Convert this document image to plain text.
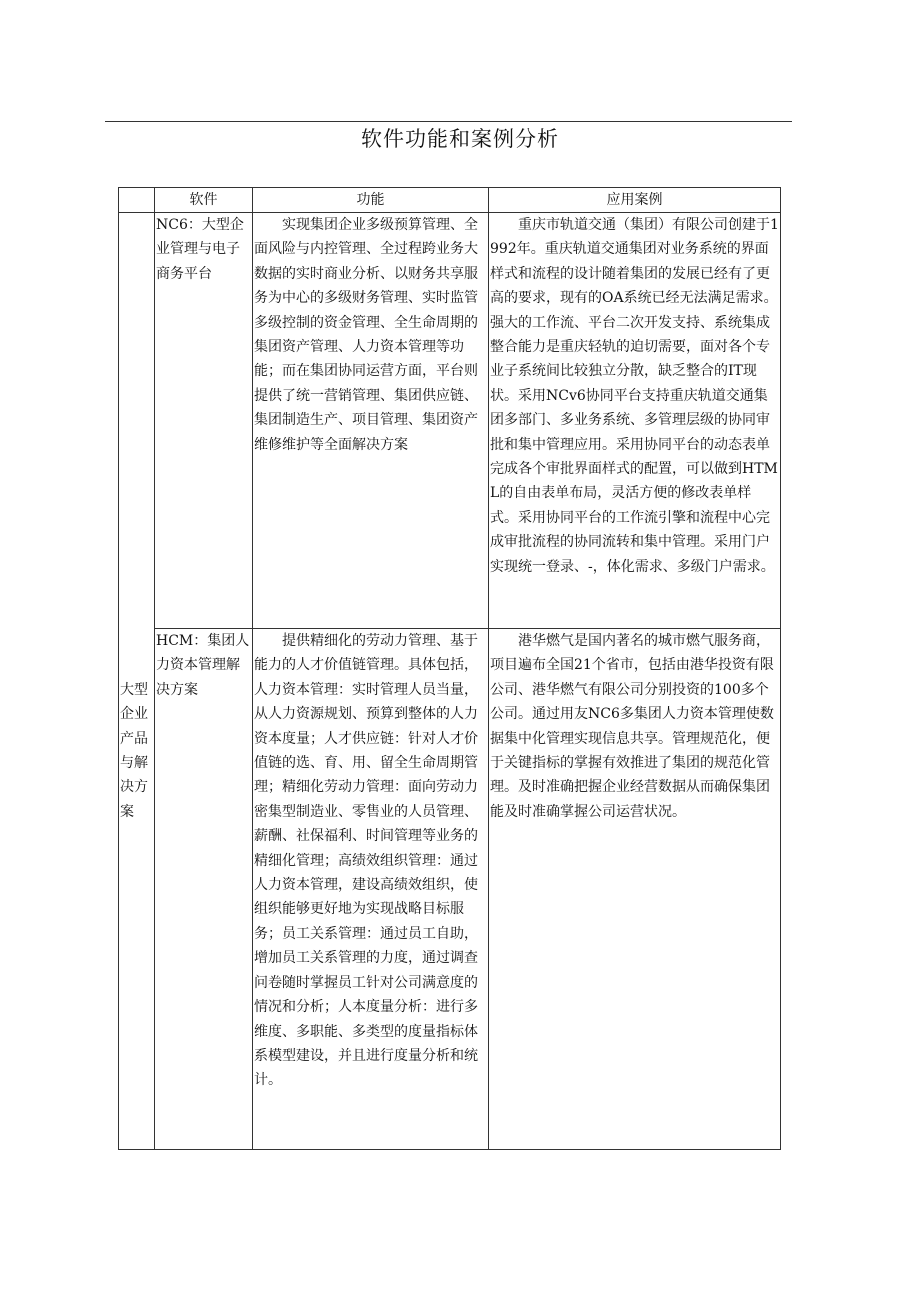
软件功能和案例分析
	软件	功能	应用案例
大型企业产品与解决方案	NC6：大型企业管理与电子商务平台	实现集团企业多级预算管理、全面风险与内控管理、全过程跨业务大数据的实时商业分析、以财务共享服务为中心的多级财务管理、实时监管多级控制的资金管理、全生命周期的集团资产管理、人力资本管理等功能；而在集团协同运营方面，平台则提供了统一营销管理、集团供应链、集团制造生产、项目管理、集团资产维修维护等全面解决方案	重庆市轨道交通（集团）有限公司创建于1992年。重庆轨道交通集团对业务系统的界面样式和流程的设计随着集团的发展已经有了更高的要求，现有的OA系统已经无法满足需求。强大的工作流、平台二次开发支持、系统集成整合能力是重庆轻轨的迫切需要，面对各个专业子系统间比较独立分散，缺乏整合的IT现状。采用NCv6协同平台支持重庆轨道交通集团多部门、多业务系统、多管理层级的协同审批和集中管理应用。采用协同平台的动态表单完成各个审批界面样式的配置，可以做到HTML的自由表单布局，灵活方便的修改表单样式。采用协同平台的工作流引擎和流程中心完成审批流程的协同流转和集中管理。采用门户实现统一登录、-，体化需求、多级门户需求。
	HCM：集团人力资本管理解决方案	提供精细化的劳动力管理、基于能力的人才价值链管理。具体包括，人力资本管理：实时管理人员当量，从人力资源规划、预算到整体的人力资本度量；人才供应链：针对人才价值链的选、育、用、留全生命周期管理；精细化劳动力管理：面向劳动力密集型制造业、零售业的人员管理、薪酬、社保福利、时间管理等业务的精细化管理；高绩效组织管理：通过人力资本管理，建设高绩效组织，使组织能够更好地为实现战略目标服务；员工关系管理：通过员工自助，增加员工关系管理的力度，通过调查问卷随时掌握员工针对公司满意度的情况和分析；人本度量分析：进行多维度、多职能、多类型的度量指标体系模型建设，并且进行度量分析和统计。	港华燃气是国内著名的城市燃气服务商，项目遍布全国21个省市，包括由港华投资有限公司、港华燃气有限公司分别投资的100多个公司。通过用友NC6多集团人力资本管理使数据集中化管理实现信息共享。管理规范化，便于关键指标的掌握有效推进了集团的规范化管理。及时准确把握企业经营数据从而确保集团能及时准确掌握公司运营状况。
